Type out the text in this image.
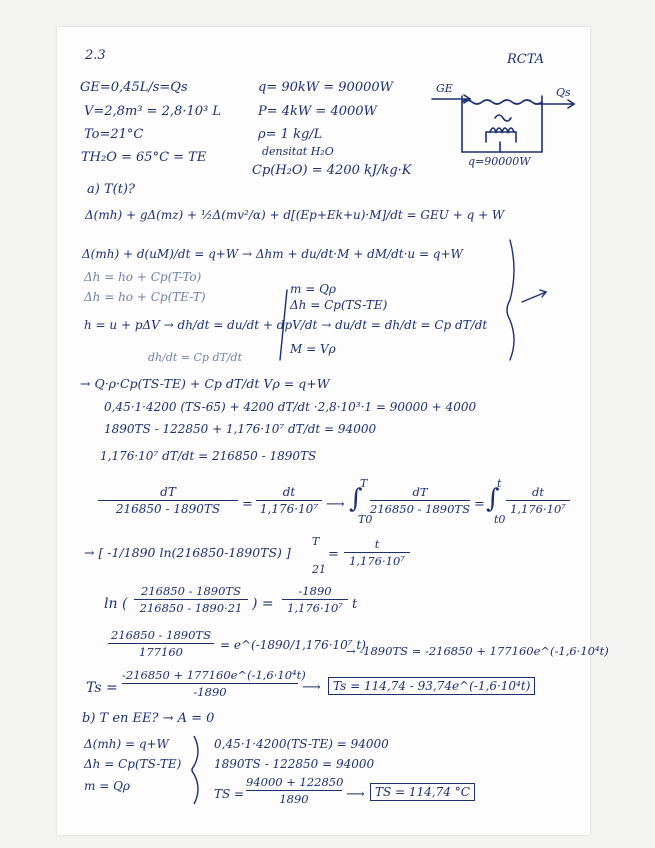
2.3	RCTA
GE=0,45L/s=Qs
V=2,8m³ = 2,8·10³ L
To=21°C
TH₂O = 65°C = TE
q= 90kW = 90000W
P= 4kW = 4000W
ρ= 1 kg/L
densitat H₂O
Cp(H₂O) = 4200 kJ/kg·K
GE	Qs
q=90000W
a) T(t)?
Δ(mh) + gΔ(mz) + ½Δ(mv²/α) + d[(Ep+Ek+u)·M]/dt = GEU + q + W
Δ(mh) + d(uM)/dt = q+W → Δhm + du/dt·M + dM/dt·u = q+W
Δh = ho + Cp(T-To)
Δh = ho + Cp(TE-T)
m = Qρ
Δh = Cp(TS-TE)
h = u + pΔV → dh/dt = du/dt + dpV/dt → du/dt = dh/dt = Cp dT/dt
dh/dt = Cp dT/dt
M = Vρ
→ Q·ρ·Cp(TS-TE) + Cp dT/dt Vρ = q+W
0,45·1·4200 (TS-65) + 4200 dT/dt ·2,8·10³·1 = 90000 + 4000
1890TS - 122850 + 1,176·10⁷ dT/dt = 94000
1,176·10⁷ dT/dt = 216850 - 1890TS
dT
216850 - 1890TS	=
dt
1,176·10⁷ ⟶ ∫
T
T0
dT
216850 - 1890TS = ∫
t
t0
dt
1,176·10⁷
→ [ -1/1890 ln(216850-1890TS) ]
T
21
=
t
1,176·10⁷
ln (
216850 - 1890TS
216850 - 1890·21 ) =
-1890
1,176·10⁷ t
216850 - 1890TS
177160	= e^(-1890/1,176·10⁷ t)
→ -1890TS = -216850 + 177160e^(-1,6·10⁴t)
Ts =
-216850 + 177160e^(-1,6·10⁴t)
-1890	⟶	Ts = 114,74 - 93,74e^(-1,6·10⁴t)
b) T en EE? → A = 0
Δ(mh) = q+W
Δh = Cp(TS-TE)
m = Qρ
0,45·1·4200(TS-TE) = 94000
1890TS - 122850 = 94000
TS =
94000 + 122850
1890	⟶ TS = 114,74 °C
